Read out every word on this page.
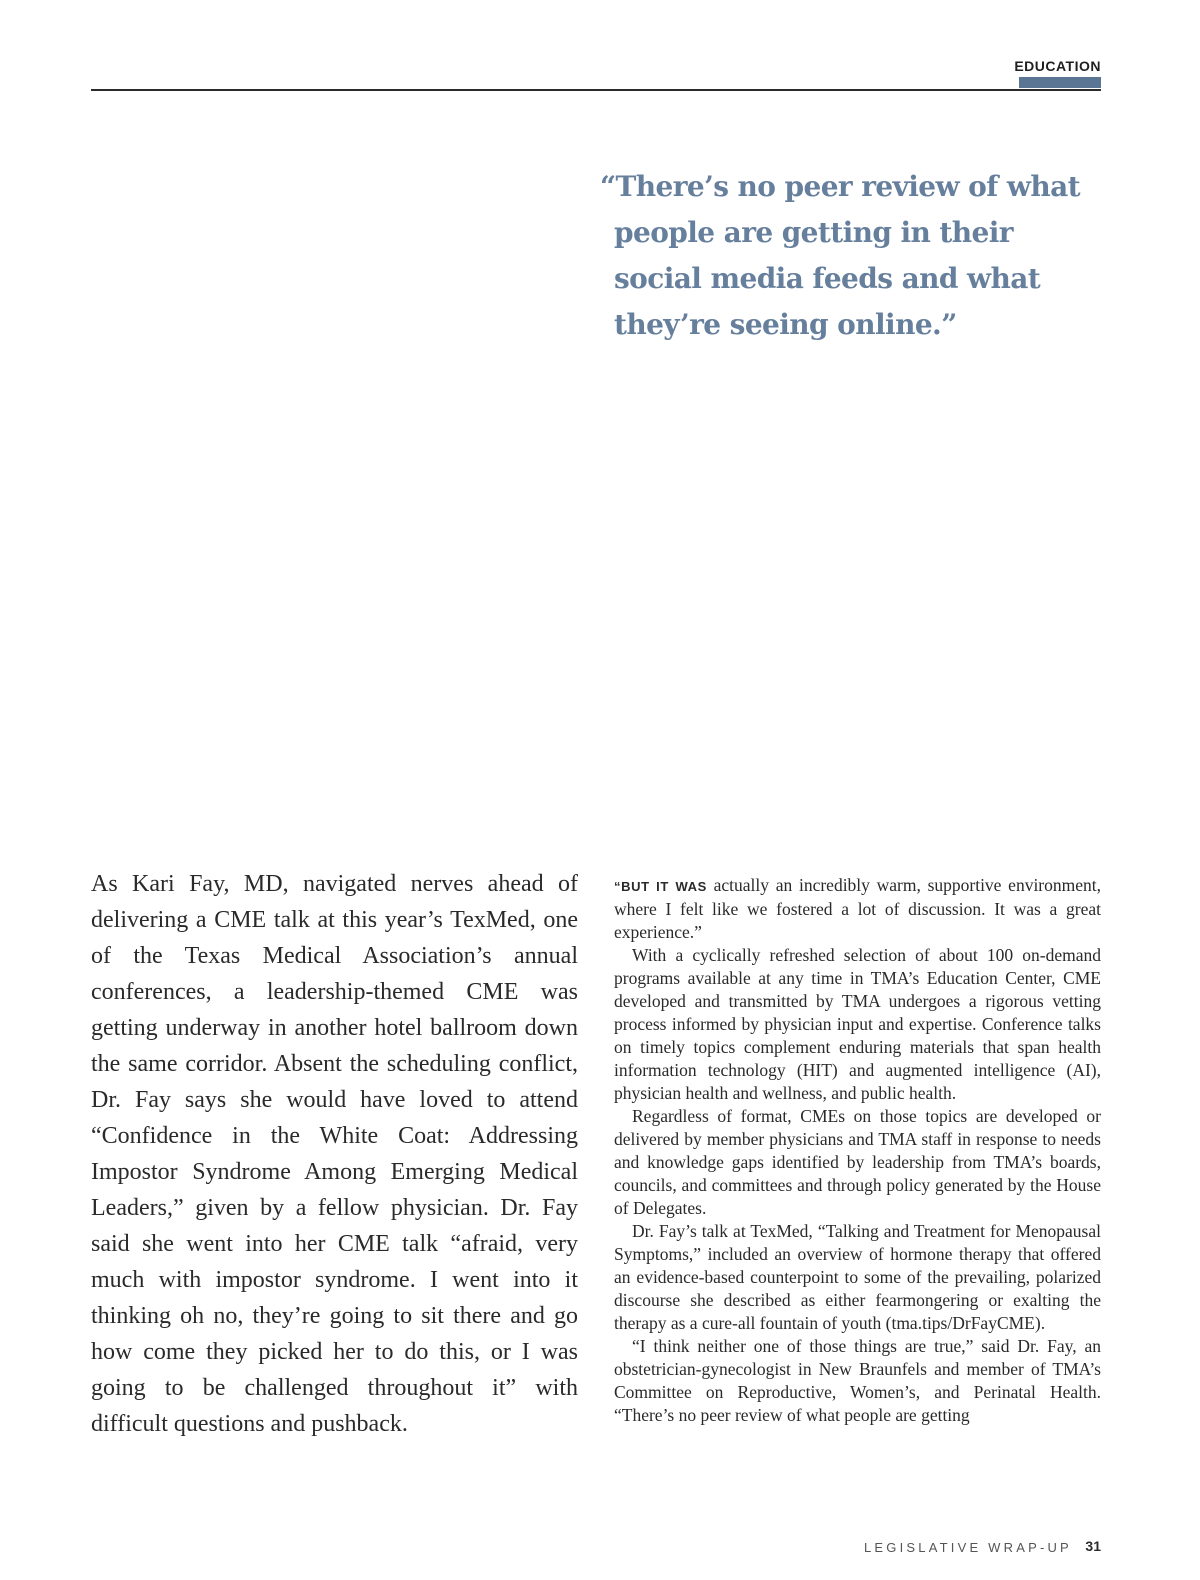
EDUCATION

“There’s no peer review of what people are getting in their social media feeds and what they’re seeing online.”

As Kari Fay, MD, navigated nerves ahead of delivering a CME talk at this year’s TexMed, one of the Texas Medical Association’s annual conferences, a leadership-themed CME was getting underway in another hotel ballroom down the same corridor. Absent the scheduling conflict, Dr. Fay says she would have loved to attend “Confidence in the White Coat: Addressing Impostor Syndrome Among Emerging Medical Leaders,” given by a fellow physician. Dr. Fay said she went into her CME talk “afraid, very much with impostor syndrome. I went into it thinking oh no, they’re going to sit there and go how come they picked her to do this, or I was going to be challenged throughout it” with difficult questions and pushback.

“BUT IT WAS actually an incredibly warm, supportive environment, where I felt like we fostered a lot of discussion. It was a great experience.”

With a cyclically refreshed selection of about 100 on-demand programs available at any time in TMA’s Education Center, CME developed and transmitted by TMA undergoes a rigorous vetting process informed by physician input and expertise. Conference talks on timely topics complement enduring materials that span health information technology (HIT) and augmented intelligence (AI), physician health and wellness, and public health.

Regardless of format, CMEs on those topics are developed or delivered by member physicians and TMA staff in response to needs and knowledge gaps identified by leadership from TMA’s boards, councils, and committees and through policy generated by the House of Delegates.

Dr. Fay’s talk at TexMed, “Talking and Treatment for Menopausal Symptoms,” included an overview of hormone therapy that offered an evidence-based counterpoint to some of the prevailing, polarized discourse she described as either fearmongering or exalting the therapy as a cure-all fountain of youth (tma.tips/DrFayCME).

“I think neither one of those things are true,” said Dr. Fay, an obstetrician-gynecologist in New Braunfels and member of TMA’s Committee on Reproductive, Women’s, and Perinatal Health. “There’s no peer review of what people are getting

LEGISLATIVE WRAP-UP 31
